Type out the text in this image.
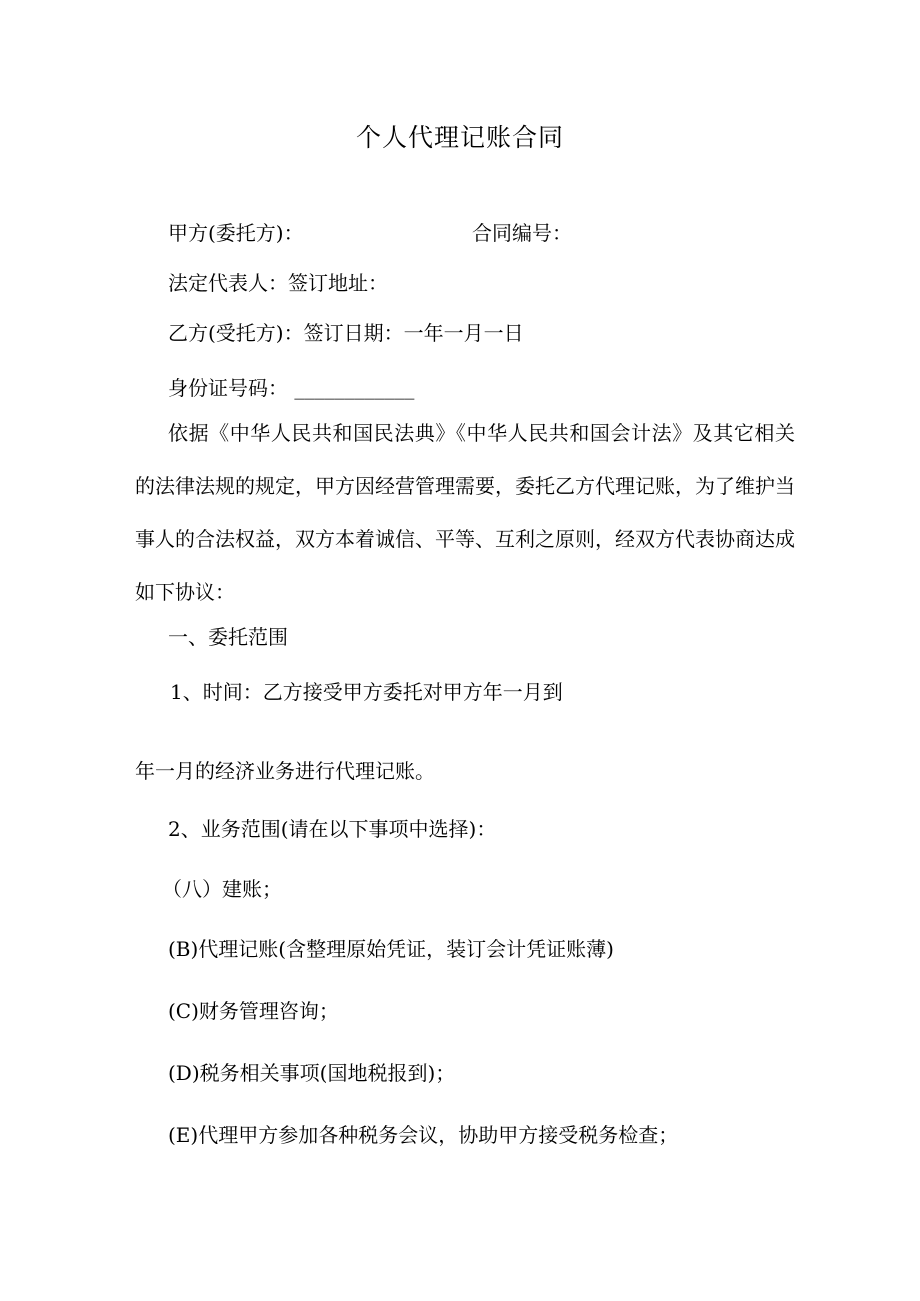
个人代理记账合同
甲方(委托方)：	合同编号：
法定代表人：签订地址：
乙方(受托方)：签订日期：一年一月一日
身份证号码： ____________
依据《中华人民共和国民法典》《中华人民共和国会计法》及其它相关的法律法规的规定，甲方因经营管理需要，委托乙方代理记账，为了维护当事人的合法权益，双方本着诚信、平等、互利之原则，经双方代表协商达成如下协议：
一、委托范围
1、时间：乙方接受甲方委托对甲方年一月到
年一月的经济业务进行代理记账。
2、业务范围(请在以下事项中选择)：
（八）建账；
(B)代理记账(含整理原始凭证，装订会计凭证账薄)
(C)财务管理咨询；
(D)税务相关事项(国地税报到)；
(E)代理甲方参加各种税务会议，协助甲方接受税务检查；
